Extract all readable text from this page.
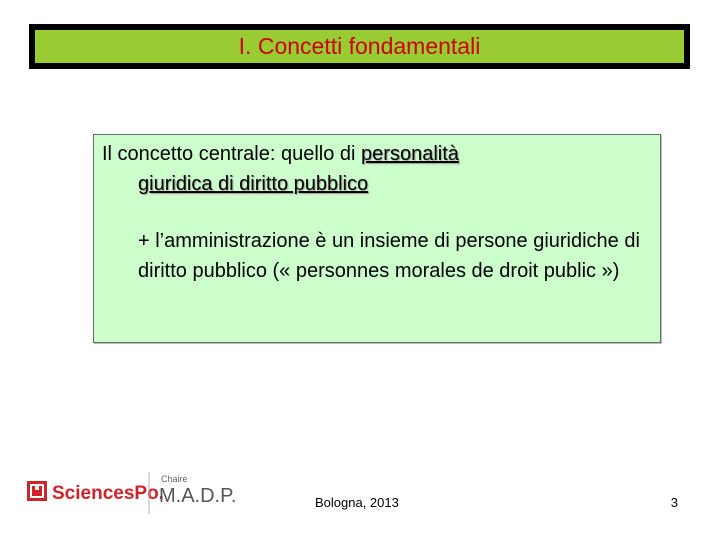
I. Concetti fondamentali
Il concetto centrale: quello di personalità
giuridica di diritto pubblico
+ l’amministrazione è un insieme di persone giuridiche di diritto pubblico (« personnes morales de droit public »)
SciencesPo.
Chaire
M.A.D.P.	Bologna, 2013	3
